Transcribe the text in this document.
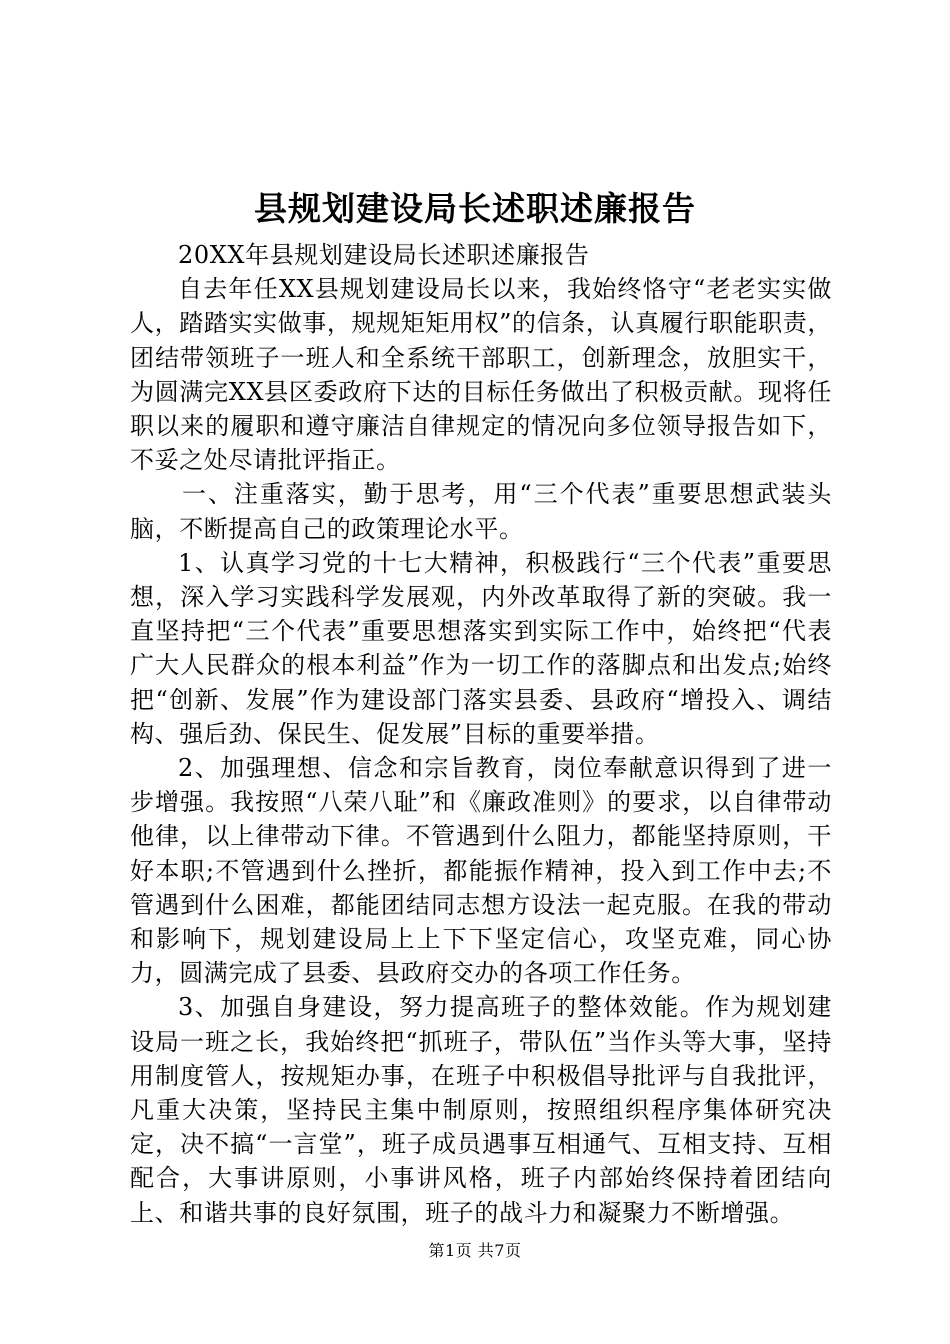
县规划建设局长述职述廉报告

20XX年县规划建设局长述职述廉报告

自去年任XX县规划建设局长以来，我始终恪守“老老实实做人，踏踏实实做事，规规矩矩用权”的信条，认真履行职能职责，团结带领班子一班人和全系统干部职工，创新理念，放胆实干，为圆满完XX县区委政府下达的目标任务做出了积极贡献。现将任职以来的履职和遵守廉洁自律规定的情况向多位领导报告如下，不妥之处尽请批评指正。

一、注重落实，勤于思考，用“三个代表”重要思想武装头脑，不断提高自己的政策理论水平。

1、认真学习党的十七大精神，积极践行“三个代表”重要思想，深入学习实践科学发展观，内外改革取得了新的突破。我一直坚持把“三个代表”重要思想落实到实际工作中，始终把“代表广大人民群众的根本利益”作为一切工作的落脚点和出发点;始终把“创新、发展”作为建设部门落实县委、县政府“增投入、调结构、强后劲、保民生、促发展”目标的重要举措。

2、加强理想、信念和宗旨教育，岗位奉献意识得到了进一步增强。我按照“八荣八耻”和《廉政准则》的要求，以自律带动他律，以上律带动下律。不管遇到什么阻力，都能坚持原则，干好本职;不管遇到什么挫折，都能振作精神，投入到工作中去;不管遇到什么困难，都能团结同志想方设法一起克服。在我的带动和影响下，规划建设局上上下下坚定信心，攻坚克难，同心协力，圆满完成了县委、县政府交办的各项工作任务。

3、加强自身建设，努力提高班子的整体效能。作为规划建设局一班之长，我始终把“抓班子，带队伍”当作头等大事，坚持用制度管人，按规矩办事，在班子中积极倡导批评与自我批评，凡重大决策，坚持民主集中制原则，按照组织程序集体研究决定，决不搞“一言堂”，班子成员遇事互相通气、互相支持、互相配合，大事讲原则，小事讲风格，班子内部始终保持着团结向上、和谐共事的良好氛围，班子的战斗力和凝聚力不断增强。

第1页 共7页
